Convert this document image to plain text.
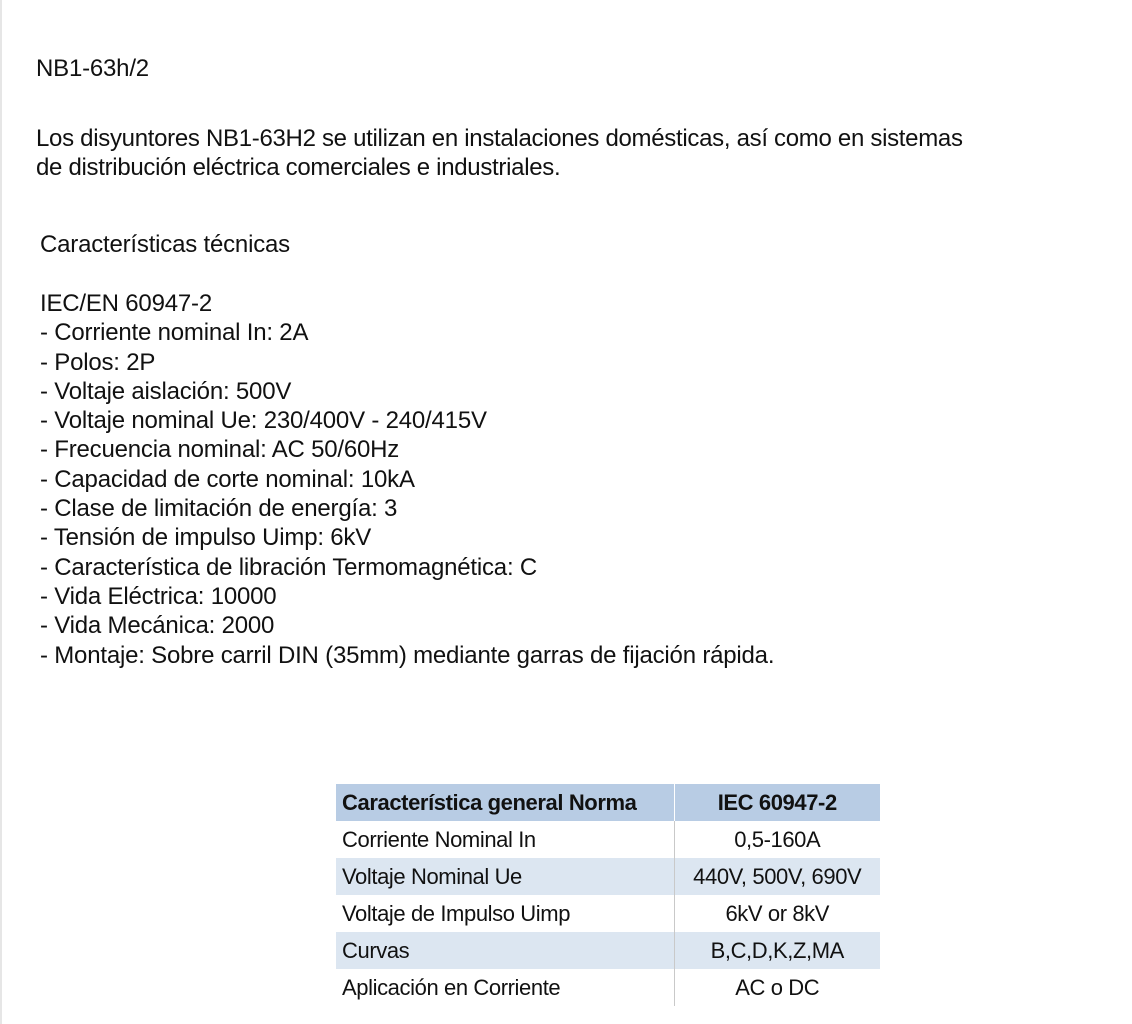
NB1-63h/2

Los disyuntores NB1-63H2 se utilizan en instalaciones domésticas, así como en sistemas

de distribución eléctrica comerciales e industriales.

Características técnicas
IEC/EN 60947-2
- Corriente nominal In: 2A
- Polos: 2P
- Voltaje aislación: 500V
- Voltaje nominal Ue: 230/400V - 240/415V
- Frecuencia nominal: AC 50/60Hz
- Capacidad de corte nominal: 10kA
- Clase de limitación de energía: 3
- Tensión de impulso Uimp: 6kV
- Característica de libración Termomagnética: C
- Vida Eléctrica: 10000
- Vida Mecánica: 2000
- Montaje: Sobre carril DIN (35mm) mediante garras de fijación rápida.
Característica general Norma	IEC 60947-2
Corriente Nominal In	0,5-160A
Voltaje Nominal Ue	440V, 500V, 690V
Voltaje de Impulso Uimp	6kV or 8kV
Curvas	B,C,D,K,Z,MA
Aplicación en Corriente	AC o DC
